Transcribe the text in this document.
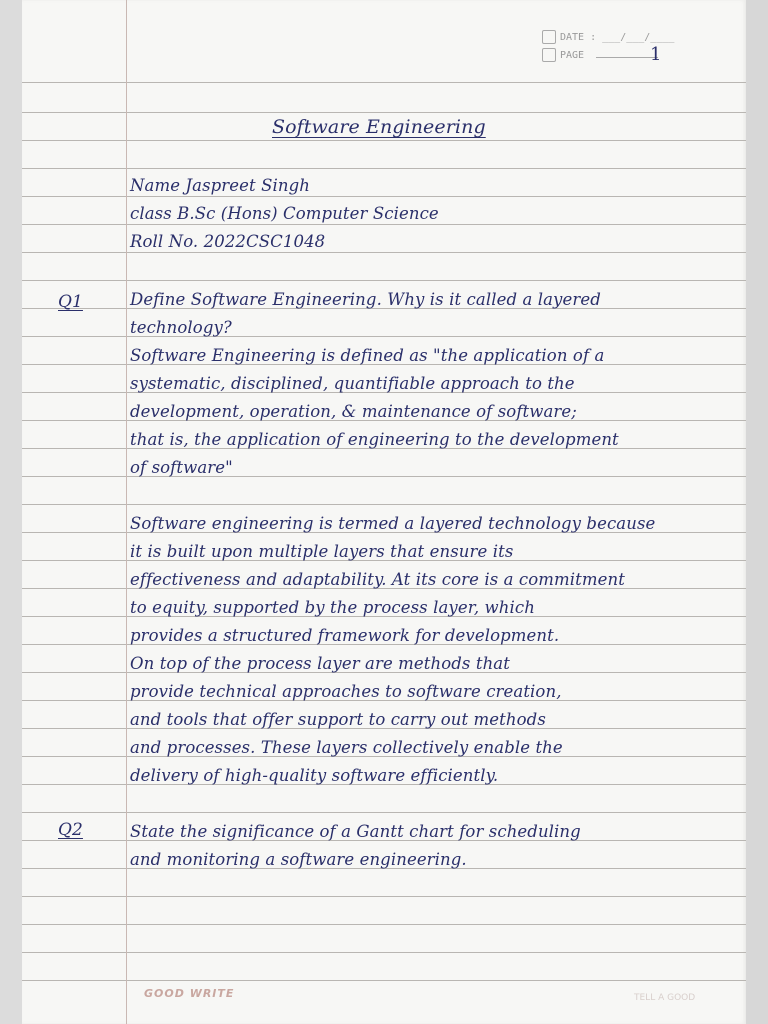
DATE : ___/___/____
PAGE	1
Software Engineering
Name Jaspreet Singh
class B.Sc (Hons) Computer Science
Roll No. 2022CSC1048
Q1	Define Software Engineering. Why is it called a layered
technology?
Software Engineering is defined as "the application of a
systematic, disciplined, quantifiable approach to the
development, operation, & maintenance of software;
that is, the application of engineering to the development
of software"
Software engineering is termed a layered technology because
it is built upon multiple layers that ensure its
effectiveness and adaptability. At its core is a commitment
to equity, supported by the process layer, which
provides a structured framework for development.
On top of the process layer are methods that
provide technical approaches to software creation,
and tools that offer support to carry out methods
and processes. These layers collectively enable the
delivery of high-quality software efficiently.
Q2	State the significance of a Gantt chart for scheduling
and monitoring a software engineering.
GOOD WRITE	TELL A GOOD
